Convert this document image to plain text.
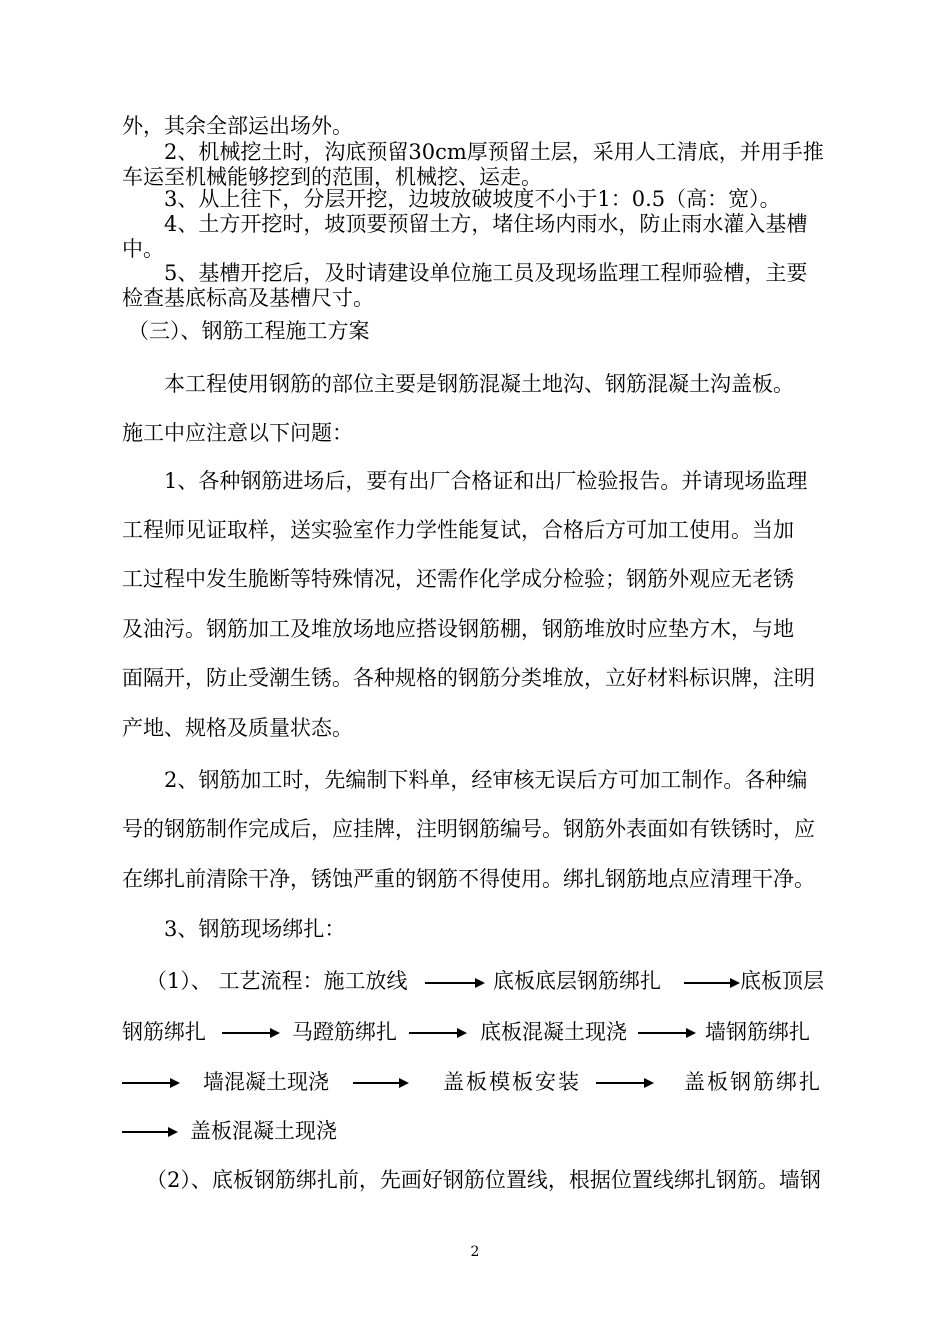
外，其余全部运出场外。
2、机械挖土时，沟底预留30cm厚预留土层，采用人工清底，并用手推
车运至机械能够挖到的范围，机械挖、运走。
3、从上往下，分层开挖，边坡放破坡度不小于1：0.5（高：宽）。
4、土方开挖时，坡顶要预留土方，堵住场内雨水，防止雨水灌入基槽
中。
5、基槽开挖后，及时请建设单位施工员及现场监理工程师验槽，主要
检查基底标高及基槽尺寸。
（三）、钢筋工程施工方案
本工程使用钢筋的部位主要是钢筋混凝土地沟、钢筋混凝土沟盖板。
施工中应注意以下问题：
1、各种钢筋进场后，要有出厂合格证和出厂检验报告。并请现场监理
工程师见证取样，送实验室作力学性能复试，合格后方可加工使用。当加
工过程中发生脆断等特殊情况，还需作化学成分检验；钢筋外观应无老锈
及油污。钢筋加工及堆放场地应搭设钢筋棚，钢筋堆放时应垫方木，与地
面隔开，防止受潮生锈。各种规格的钢筋分类堆放，立好材料标识牌，注明
产地、规格及质量状态。
2、钢筋加工时，先编制下料单，经审核无误后方可加工制作。各种编
号的钢筋制作完成后，应挂牌，注明钢筋编号。钢筋外表面如有铁锈时，应
在绑扎前清除干净，锈蚀严重的钢筋不得使用。绑扎钢筋地点应清理干净。
3、钢筋现场绑扎：
（1）、 工艺流程：施工放线	底板底层钢筋绑扎	底板顶层
钢筋绑扎	马蹬筋绑扎	底板混凝土现浇	墙钢筋绑扎
墙混凝土现浇	盖板模板安装	盖板钢筋绑扎
盖板混凝土现浇
（2）、底板钢筋绑扎前，先画好钢筋位置线，根据位置线绑扎钢筋。墙钢
2
